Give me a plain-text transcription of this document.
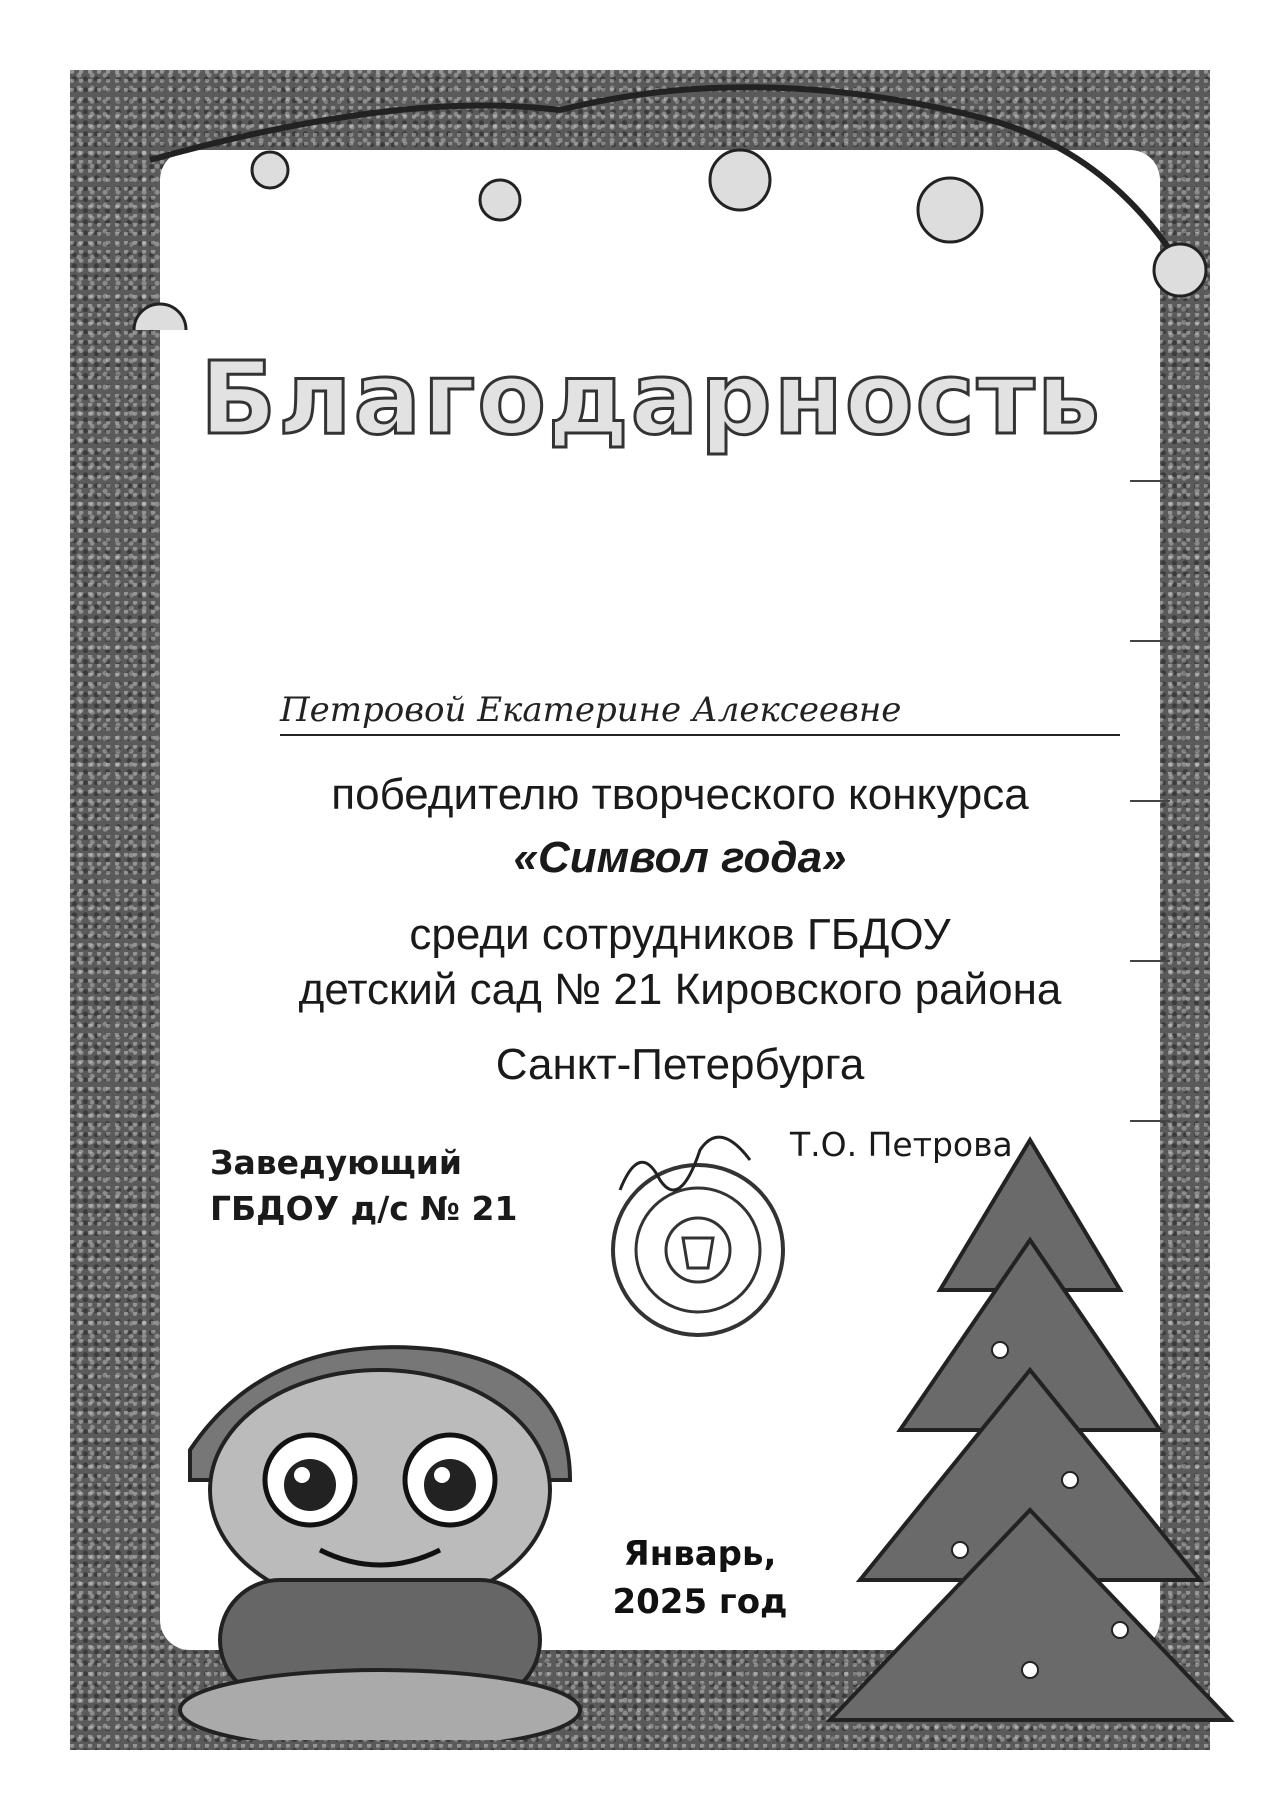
Благодарность
Петровой Екатерине Алексеевне
победителю творческого конкурса
«Символ года»
среди сотрудников ГБДОУ
детский сад № 21 Кировского района
Санкт-Петербурга
Заведующий
ГБДОУ д/с № 21
Т.О. Петрова
Январь,
2025 год
